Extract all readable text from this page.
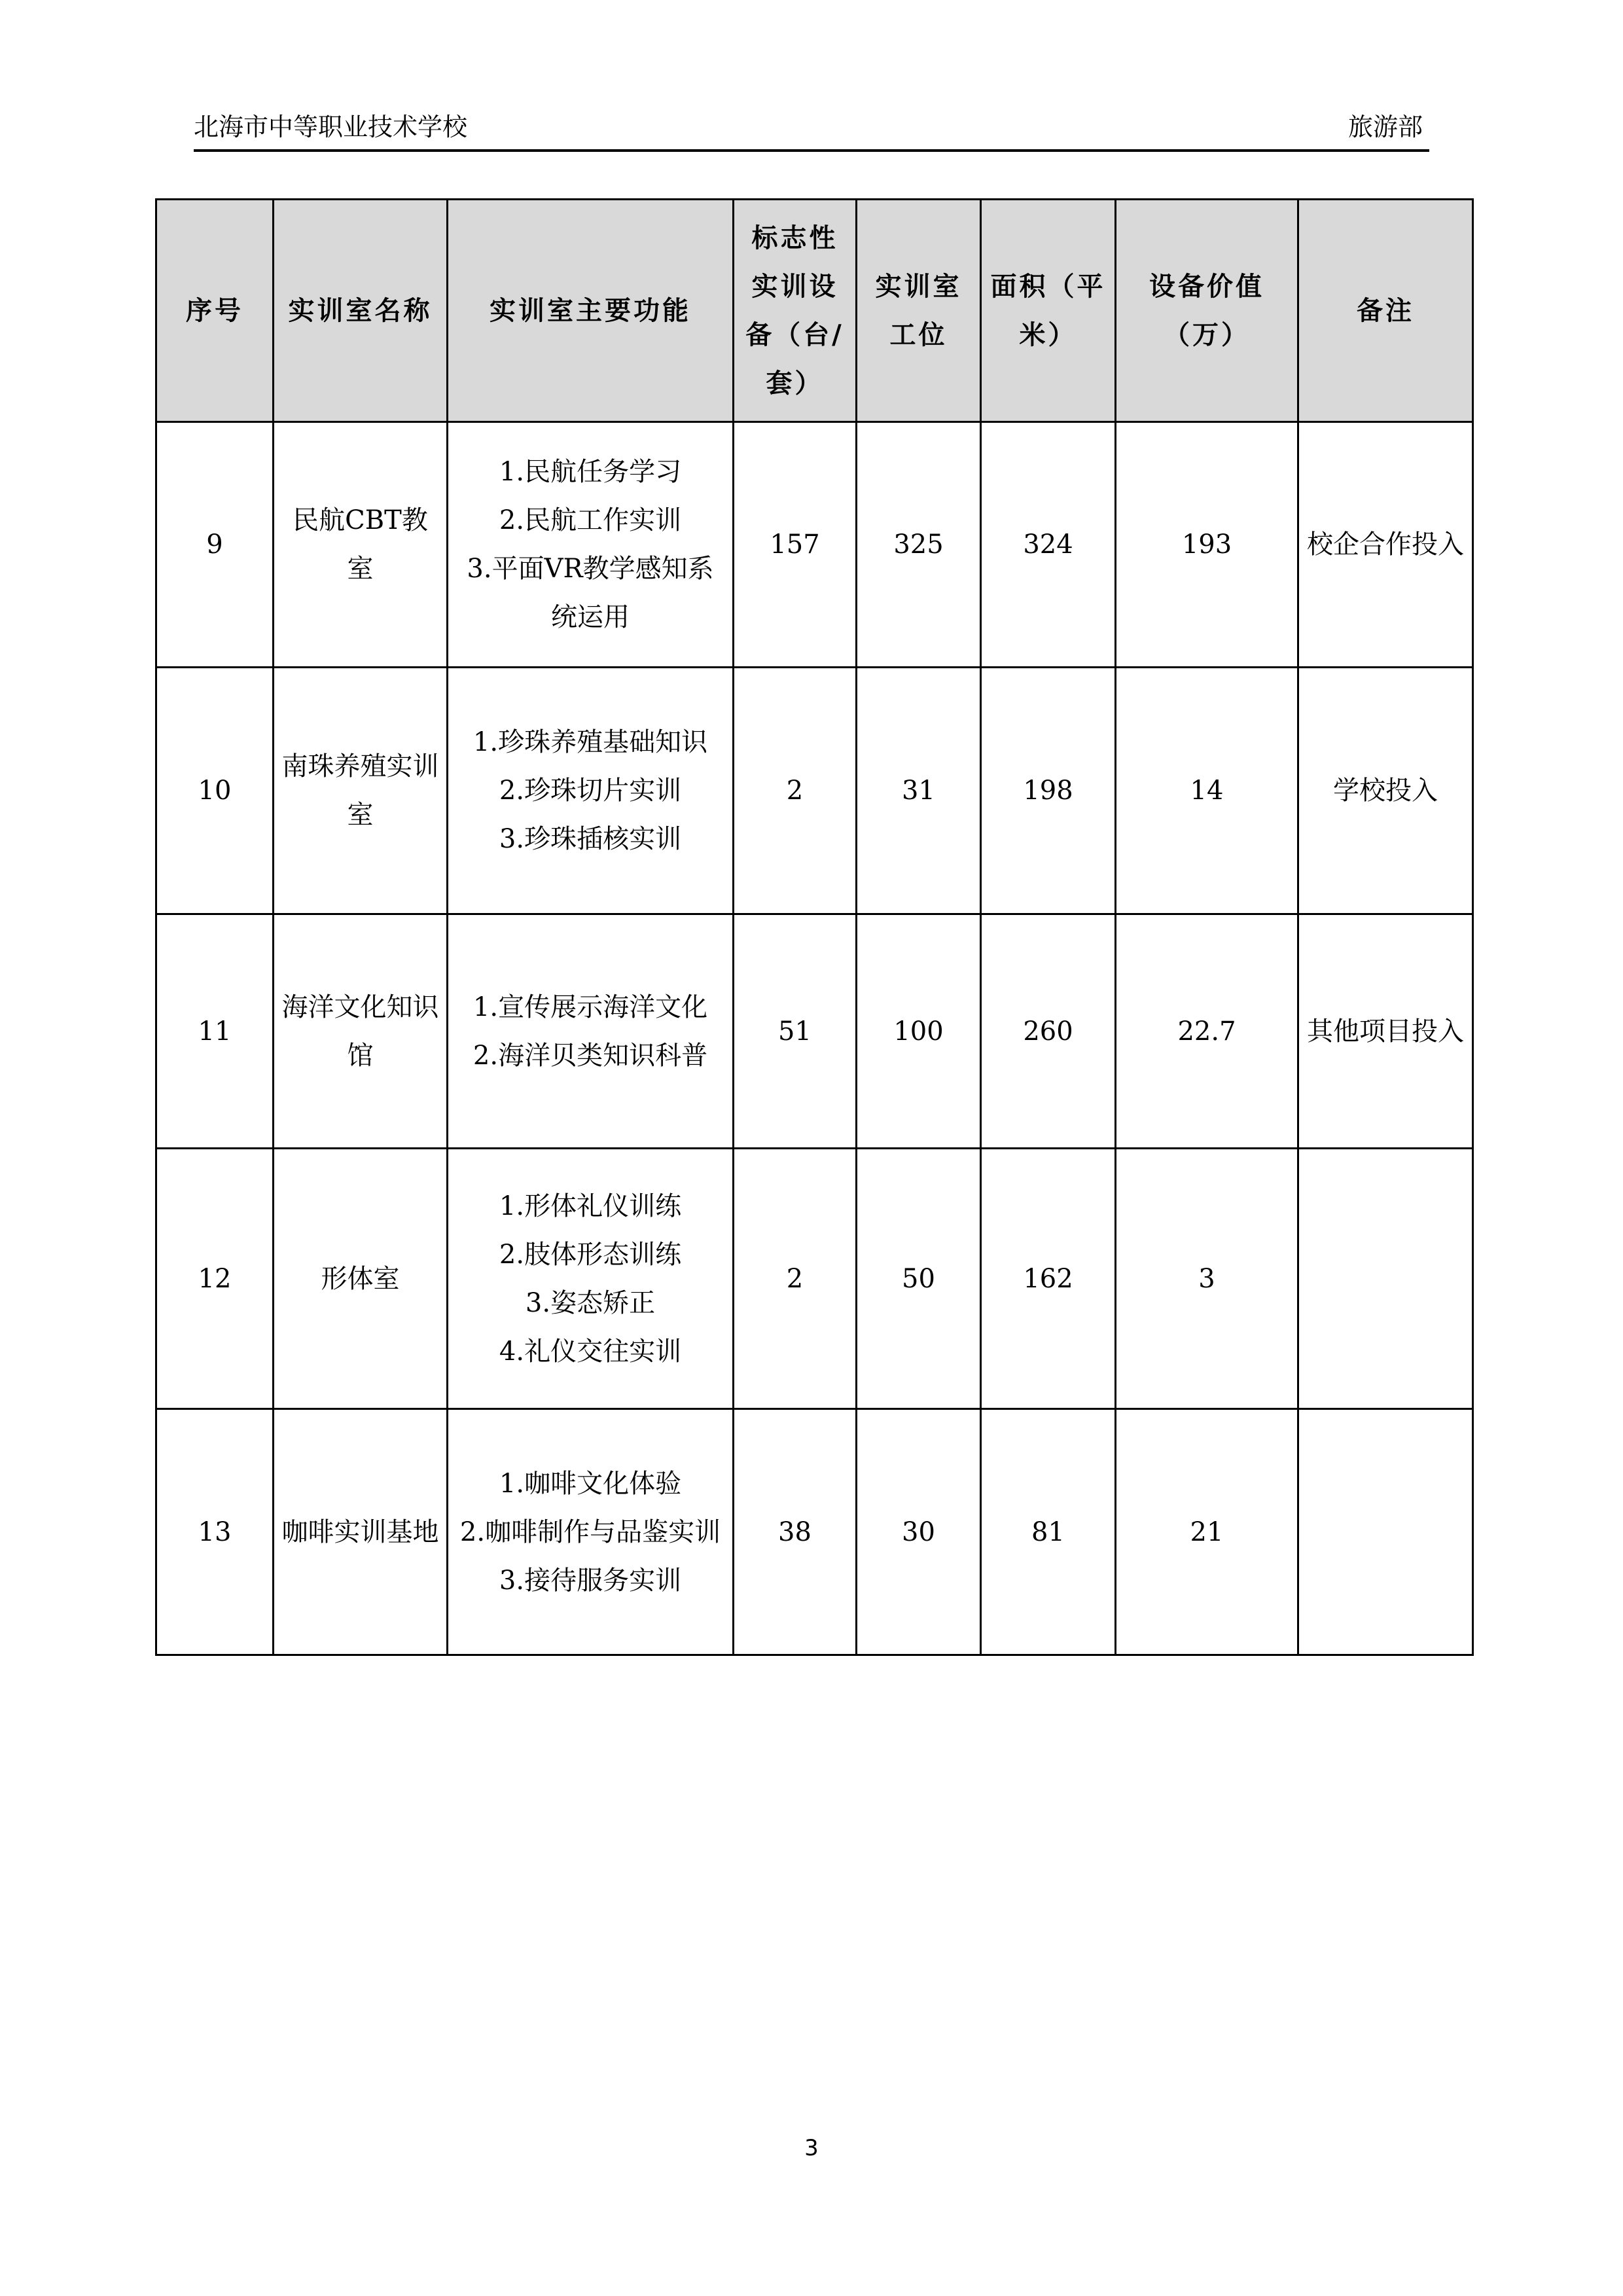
北海市中等职业技术学校	旅游部
序号	实训室名称	实训室主要功能	标志性实训设备（台/套）	实训室工位	面积（平米）	设备价值（万）	备注
9	民航CBT教室	1.民航任务学习
2.民航工作实训
3.平面VR教学感知系统运用	157	325	324	193	校企合作投入
10	南珠养殖实训室	1.珍珠养殖基础知识
2.珍珠切片实训
3.珍珠插核实训	2	31	198	14	学校投入
11	海洋文化知识馆	1.宣传展示海洋文化
2.海洋贝类知识科普	51	100	260	22.7	其他项目投入
12	形体室	1.形体礼仪训练
2.肢体形态训练
3.姿态矫正
4.礼仪交往实训	2	50	162	3	
13	咖啡实训基地	1.咖啡文化体验
2.咖啡制作与品鉴实训
3.接待服务实训	38	30	81	21	
3
